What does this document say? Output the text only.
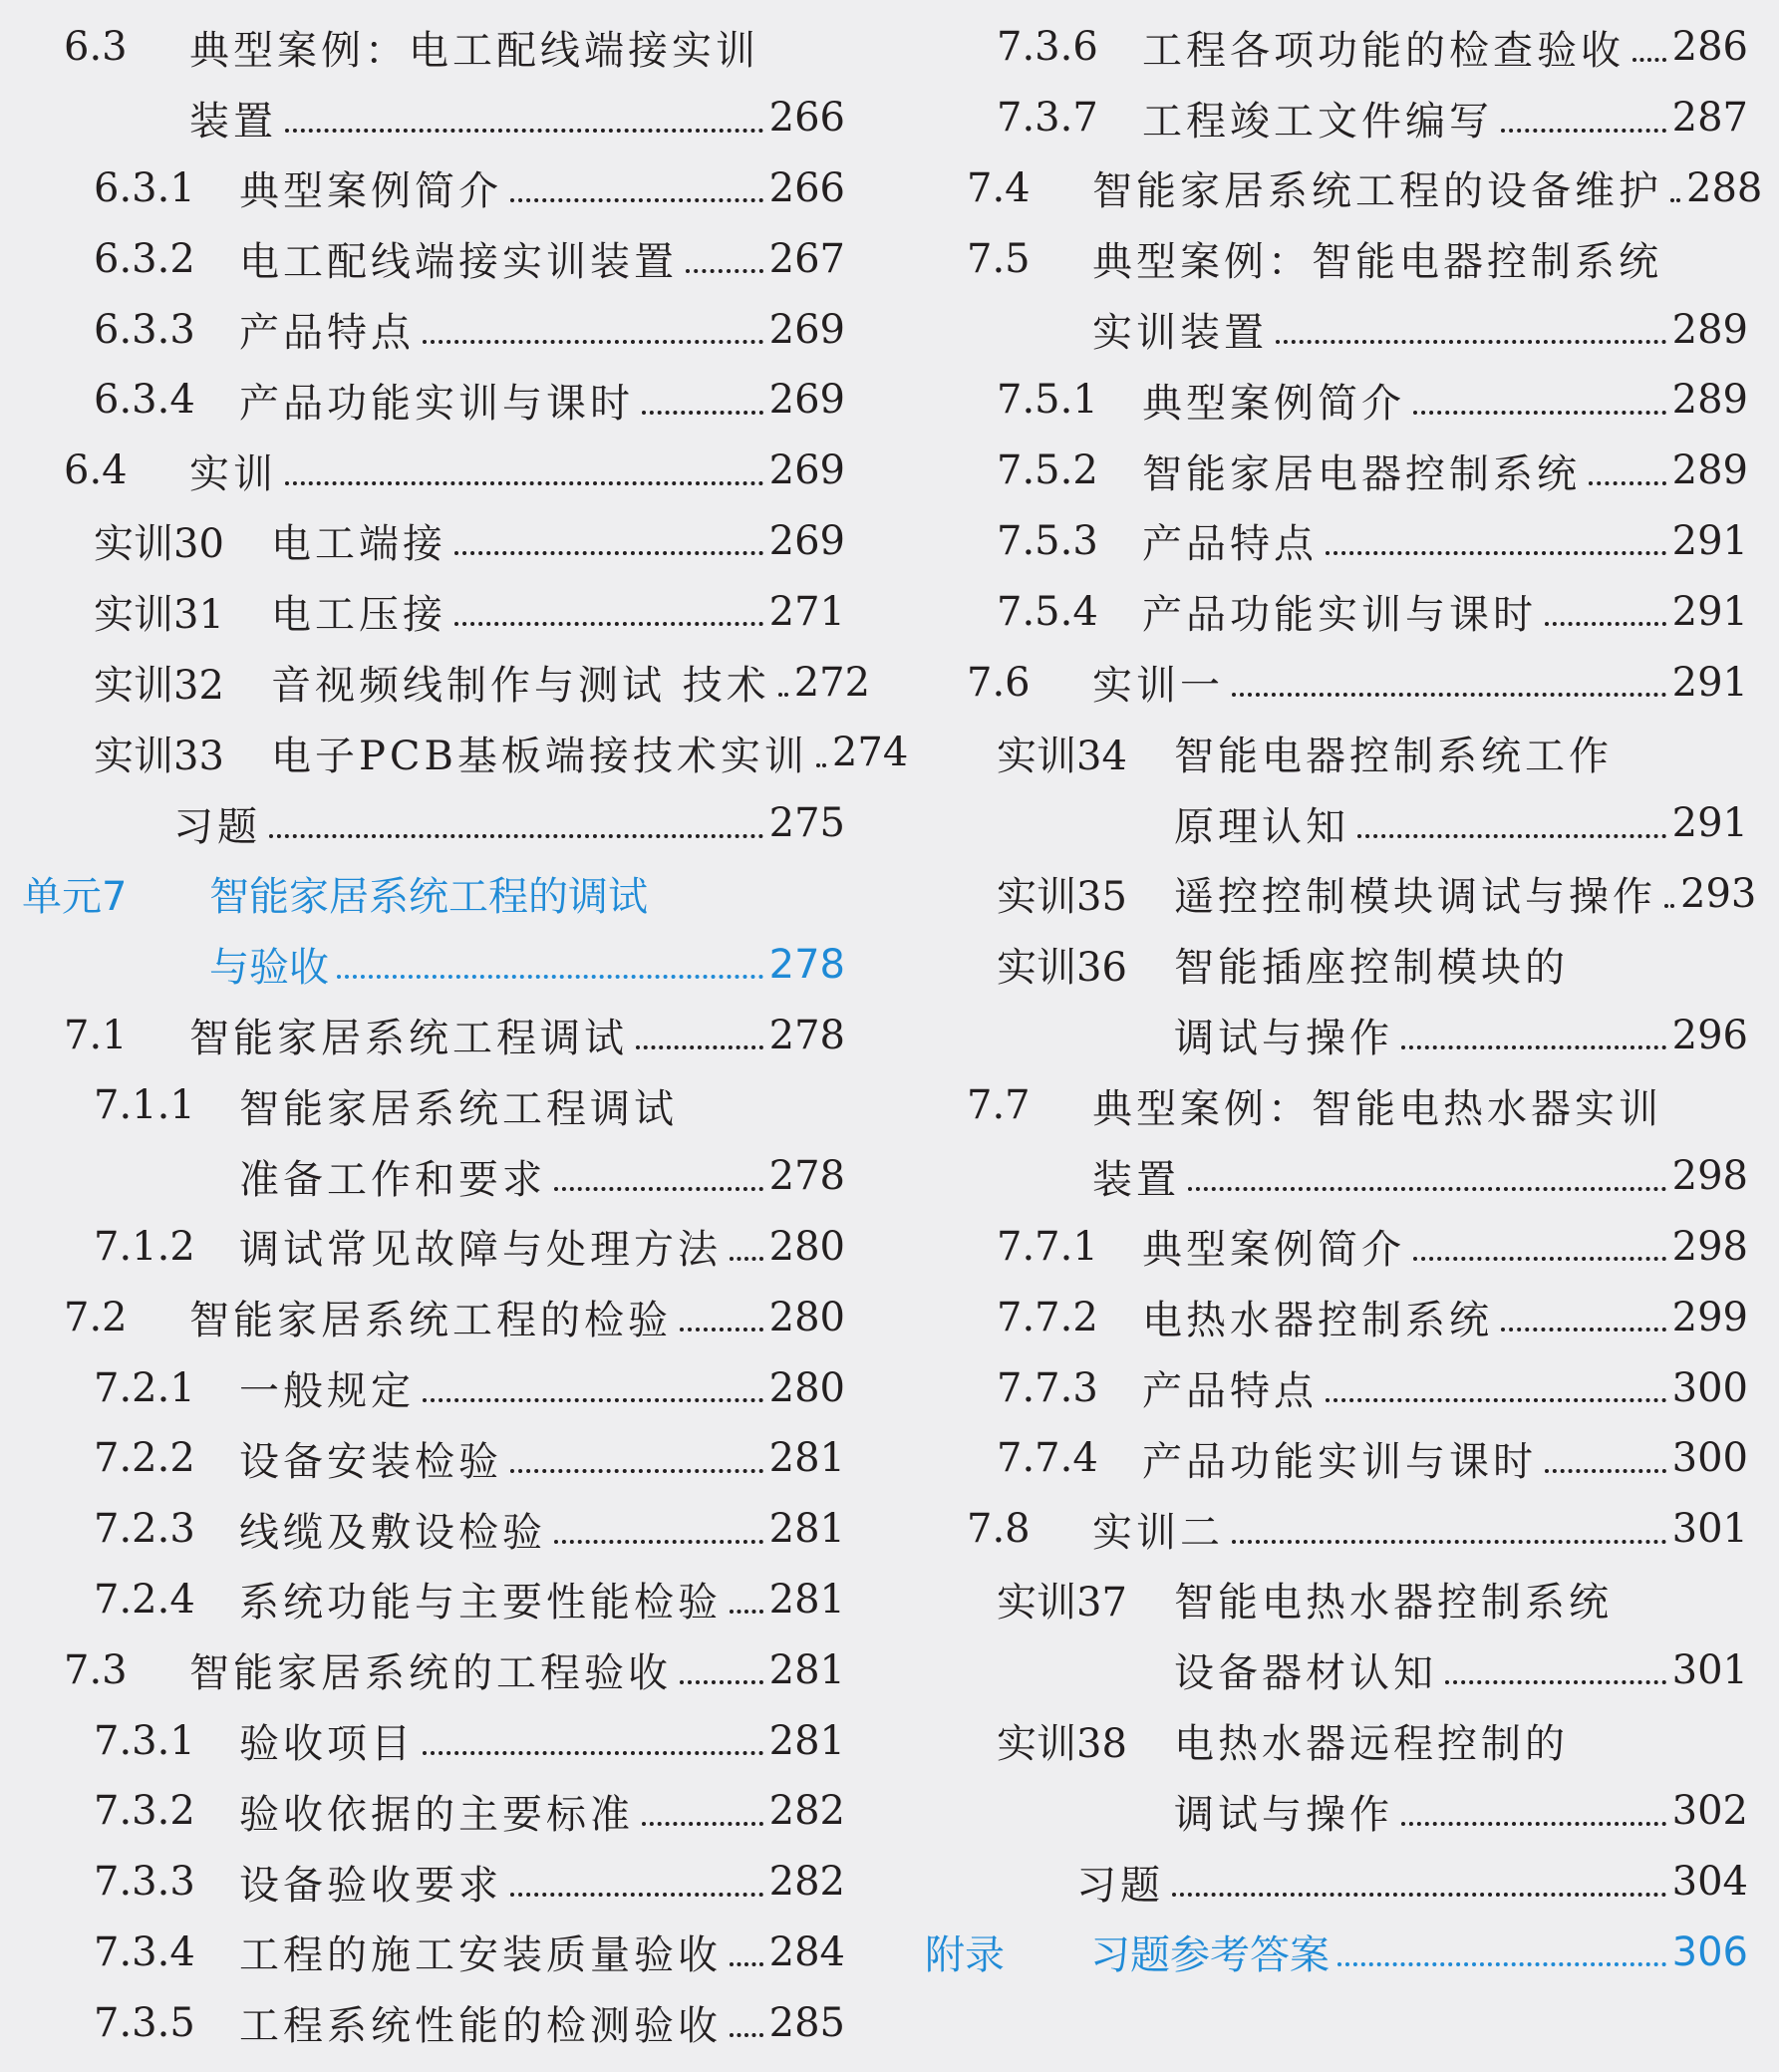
6.3	典型案例：电工配线端接实训
装置	266
6.3.1	典型案例简介	266
6.3.2	电工配线端接实训装置 267
6.3.3	产品特点	269
6.3.4	产品功能实训与课时	269
6.4	实训	269
实训30	电工端接	269
实训31	电工压接	271
实训32	音视频线制作与测试 技术 272
实训33	电子PCB基板端接技术实训 274
习题	275
单元7	智能家居系统工程的调试
与验收	278
7.1	智能家居系统工程调试	278
7.1.1	智能家居系统工程调试
准备工作和要求	278
7.1.2	调试常见故障与处理方法 280
7.2	智能家居系统工程的检验 280
7.2.1	一般规定	280
7.2.2	设备安装检验	281
7.2.3	线缆及敷设检验	281
7.2.4	系统功能与主要性能检验 281
7.3	智能家居系统的工程验收 281
7.3.1	验收项目	281
7.3.2	验收依据的主要标准	282
7.3.3	设备验收要求	282
7.3.4	工程的施工安装质量验收 284
7.3.5	工程系统性能的检测验收 285
7.3.6	工程各项功能的检查验收 286
7.3.7	工程竣工文件编写	287
7.4	智能家居系统工程的设备维护 288
7.5	典型案例：智能电器控制系统
实训装置	289
7.5.1	典型案例简介	289
7.5.2	智能家居电器控制系统 289
7.5.3	产品特点	291
7.5.4	产品功能实训与课时	291
7.6	实训一	291
实训34	智能电器控制系统工作
原理认知	291
实训35	遥控控制模块调试与操作 293
实训36	智能插座控制模块的
调试与操作	296
7.7	典型案例：智能电热水器实训
装置	298
7.7.1	典型案例简介	298
7.7.2	电热水器控制系统	299
7.7.3	产品特点	300
7.7.4	产品功能实训与课时	300
7.8	实训二	301
实训37	智能电热水器控制系统
设备器材认知	301
实训38	电热水器远程控制的
调试与操作	302
习题	304
附录	习题参考答案	306
